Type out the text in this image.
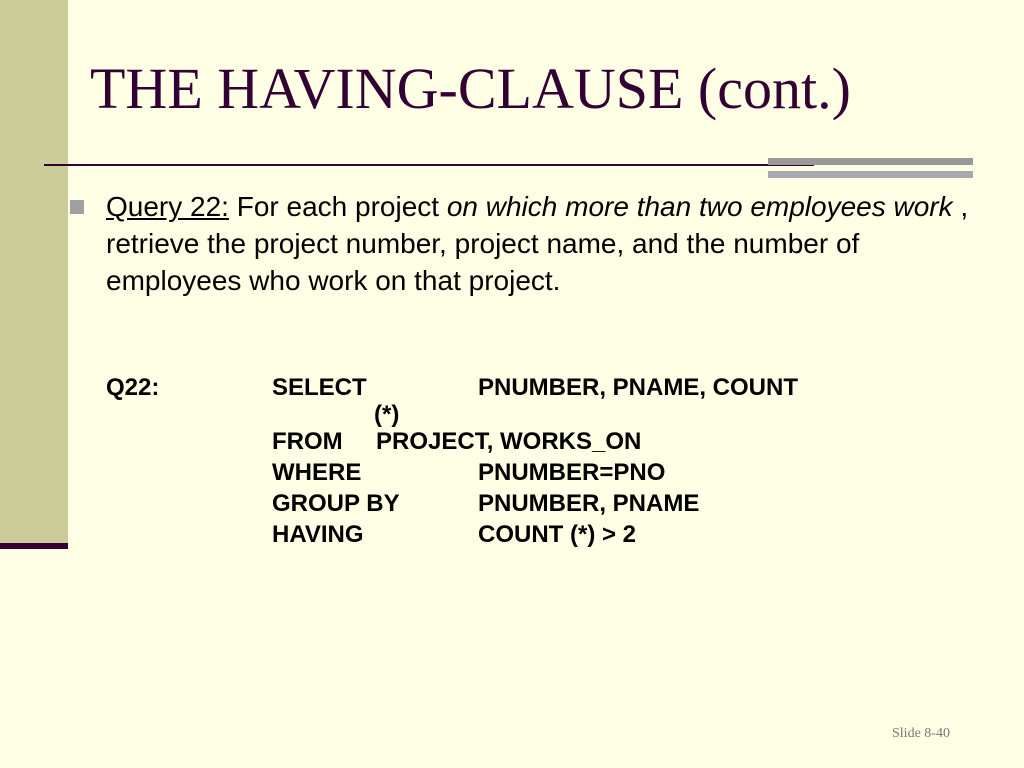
THE HAVING-CLAUSE (cont.)
Query 22: For each project on which more than two employees work , retrieve the project number, project name, and the number of employees who work on that project.
Q22:	SELECT	PNUMBER, PNAME, COUNT
(*)
FROM PROJECT, WORKS_ON
WHERE	PNUMBER=PNO
GROUP BY	PNUMBER, PNAME
HAVING	COUNT (*) > 2
Slide 8-40
